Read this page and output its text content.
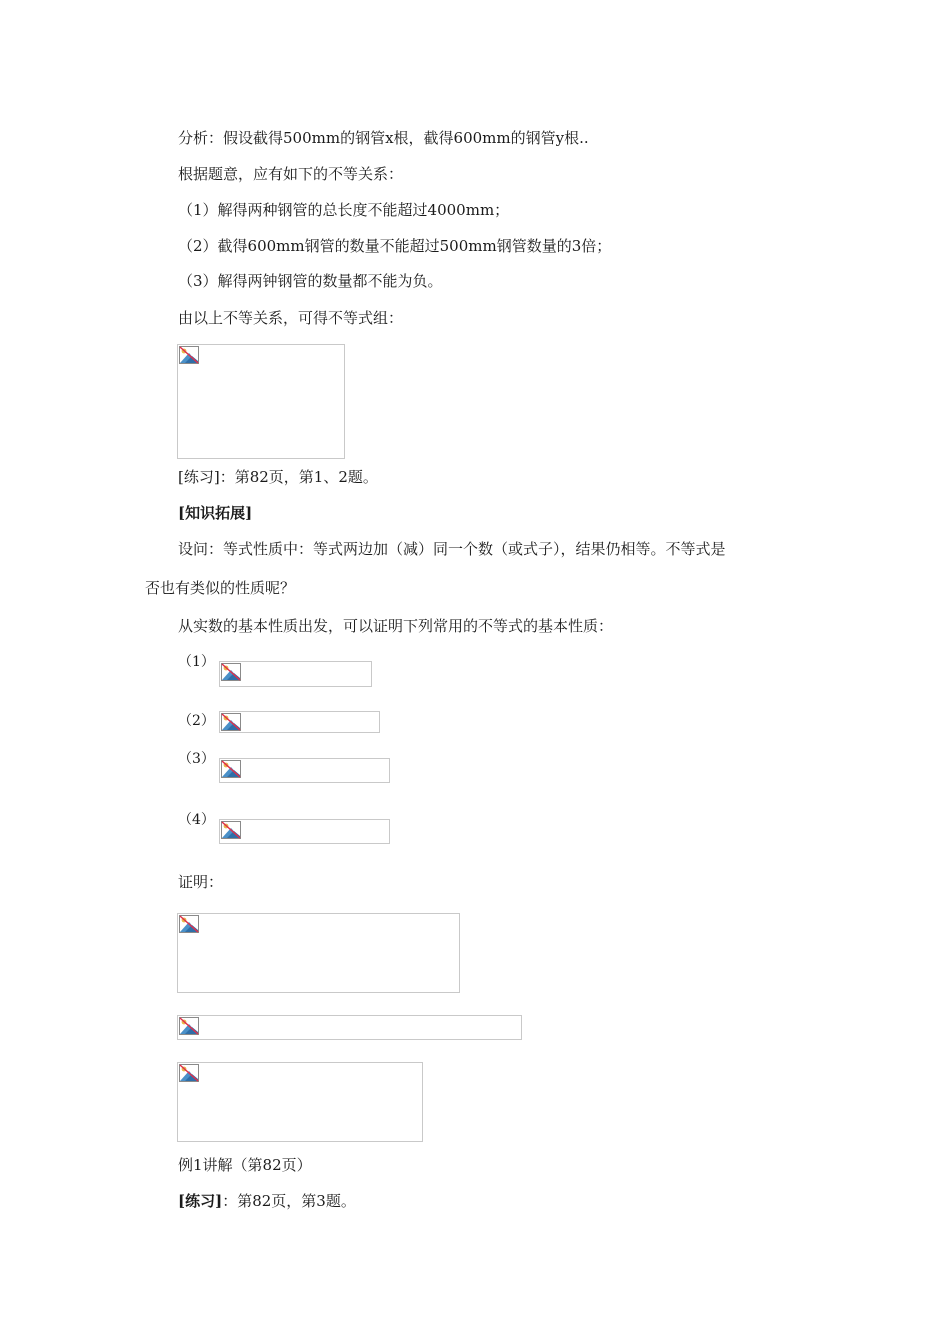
分析：假设截得500mm的钢管x根，截得600mm的钢管y根..
根据题意，应有如下的不等关系：
（1）解得两种钢管的总长度不能超过4000mm；
（2）截得600mm钢管的数量不能超过500mm钢管数量的3倍；
（3）解得两钟钢管的数量都不能为负。
由以上不等关系，可得不等式组：
[练习]：第82页，第1、2题。
[知识拓展]
设问：等式性质中：等式两边加（减）同一个数（或式子），结果仍相等。不等式是
否也有类似的性质呢？
从实数的基本性质出发，可以证明下列常用的不等式的基本性质：
（1）
（2）
（3）
（4）
证明：
例1讲解（第82页）
[练习]：第82页，第3题。
